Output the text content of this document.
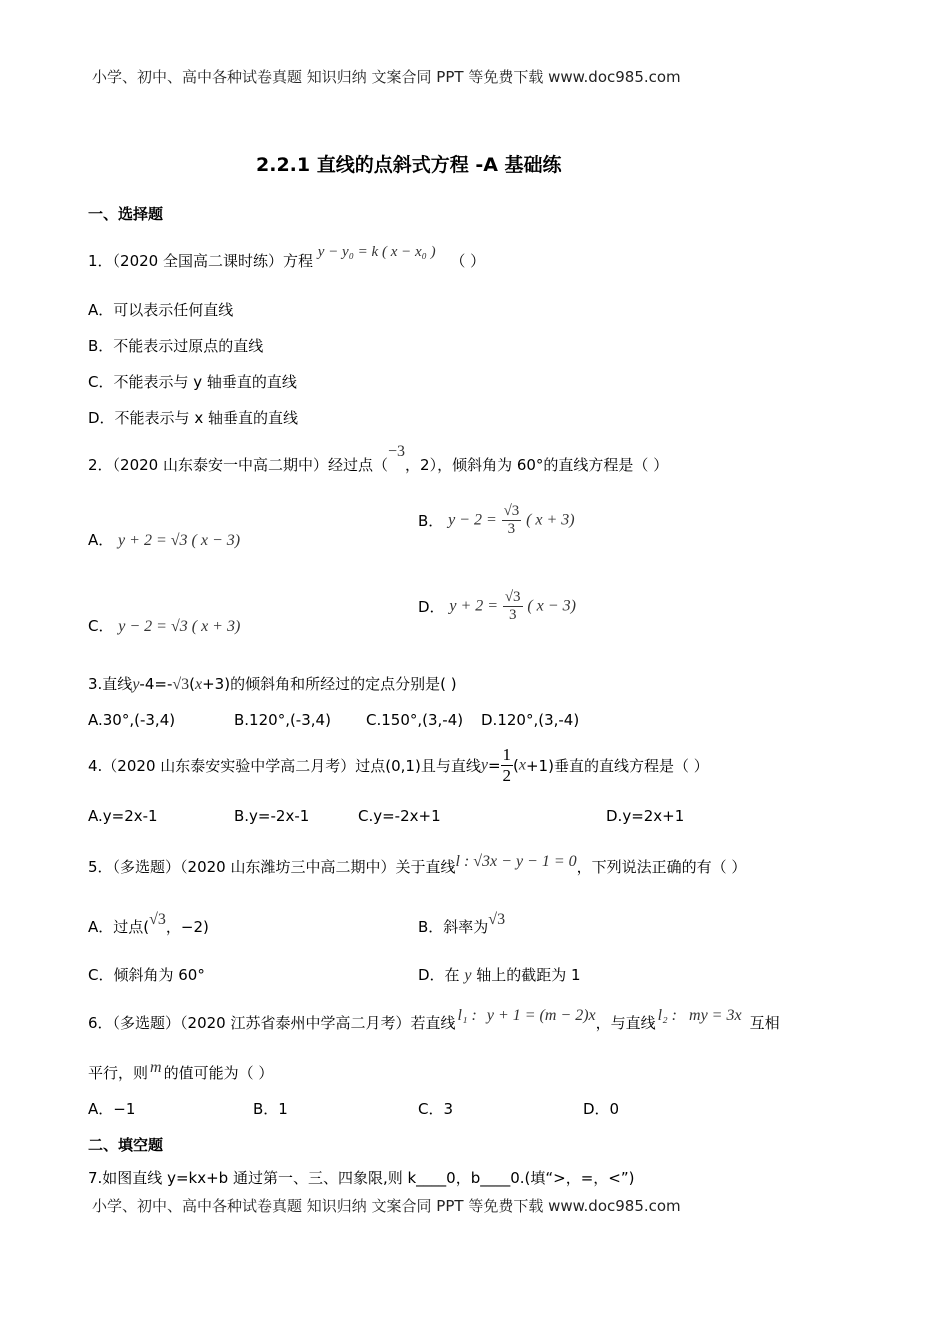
小学、初中、高中各种试卷真题 知识归纳 文案合同 PPT 等免费下载 www.doc985.com
2.2.1 直线的点斜式方程 -A 基础练
一、选择题
1．（2020 全国高二课时练）方程 y − y₀ = k ( x − x₀ ) （ ）
A．可以表示任何直线
B．不能表示过原点的直线
C．不能表示与 y 轴垂直的直线
D．不能表示与 x 轴垂直的直线
2．（2020 山东泰安一中高二期中）经过点（−3，2），倾斜角为 60°的直线方程是（ ）
A． y + 2 = √3 ( x − 3)
B． $y - 2 = \frac{√3}{3}$ ( x + 3)
C． y − 2 = √3 ( x + 3)
D． $y + 2 = \frac{√3}{3}$ ( x − 3)
3.直线y-4=-√3(x+3)的倾斜角和所经过的定点分别是( )
A.30°,(-3,4)	B.120°,(-3,4) C.150°,(3,-4) D.120°,(3,-4)
4.（2020 山东泰安实验中学高二月考）过点(0,1)且与直线$y= \frac{1}{2} (x+1)$垂直的直线方程是（ ）
A.y=2x-1	B.y=-2x-1	C.y=-2x+1	D.y=2x+1
5．（多选题）（2020 山东潍坊三中高二期中）关于直线l : √3x − y − 1 = 0，下列说法正确的有（ ）
A．过点(√3，−2)	B．斜率为√3
C．倾斜角为 60°	D．在 y 轴上的截距为 1
6．（多选题）（2020 江苏省泰州中学高二月考）若直线 l₁ : y + 1 = (m − 2)x，与直线 l₂ : my = 3x 互相
平行，则 m 的值可能为（ ）
A．−1	B．1	C．3	D．0
二、填空题
7.如图直线 y=kx+b 通过第一、三、四象限,则 k____0，b____0.(填“>，=，<”)
小学、初中、高中各种试卷真题 知识归纳 文案合同 PPT 等免费下载 www.doc985.com
